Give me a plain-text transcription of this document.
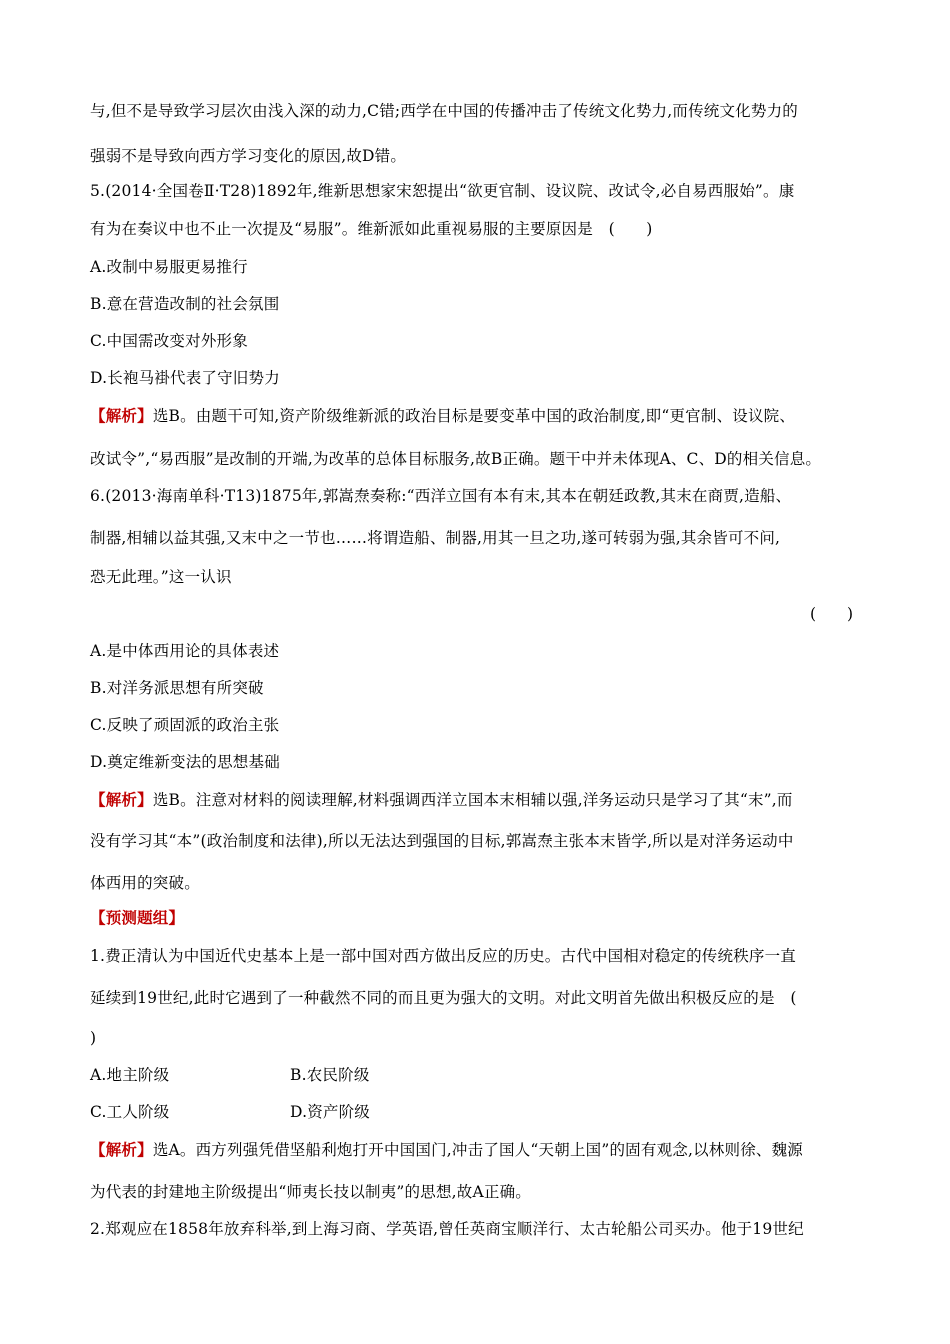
与,但不是导致学习层次由浅入深的动力,C错;西学在中国的传播冲击了传统文化势力,而传统文化势力的
强弱不是导致向西方学习变化的原因,故D错。
5.(2014·全国卷Ⅱ·T28)1892年,维新思想家宋恕提出“欲更官制、设议院、改试令,必自易西服始”。康
有为在奏议中也不止一次提及“易服”。维新派如此重视易服的主要原因是　(　　)
A.改制中易服更易推行
B.意在营造改制的社会氛围
C.中国需改变对外形象
D.长袍马褂代表了守旧势力
【解析】选B。由题干可知,资产阶级维新派的政治目标是要变革中国的政治制度,即“更官制、设议院、
改试令”,“易西服”是改制的开端,为改革的总体目标服务,故B正确。题干中并未体现A、C、D的相关信息。
6.(2013·海南单科·T13)1875年,郭嵩焘奏称:“西洋立国有本有末,其本在朝廷政教,其末在商贾,造船、
制器,相辅以益其强,又末中之一节也……将谓造船、制器,用其一旦之功,遂可转弱为强,其余皆可不问,
恐无此理。”这一认识
(　　)
A.是中体西用论的具体表述
B.对洋务派思想有所突破
C.反映了顽固派的政治主张
D.奠定维新变法的思想基础
【解析】选B。注意对材料的阅读理解,材料强调西洋立国本末相辅以强,洋务运动只是学习了其“末”,而
没有学习其“本”(政治制度和法律),所以无法达到强国的目标,郭嵩焘主张本末皆学,所以是对洋务运动中
体西用的突破。
【预测题组】
1.费正清认为中国近代史基本上是一部中国对西方做出反应的历史。古代中国相对稳定的传统秩序一直
延续到19世纪,此时它遇到了一种截然不同的而且更为强大的文明。对此文明首先做出积极反应的是　(
)
A.地主阶级	B.农民阶级
C.工人阶级	D.资产阶级
【解析】选A。西方列强凭借坚船利炮打开中国国门,冲击了国人“天朝上国”的固有观念,以林则徐、魏源
为代表的封建地主阶级提出“师夷长技以制夷”的思想,故A正确。
2.郑观应在1858年放弃科举,到上海习商、学英语,曾任英商宝顺洋行、太古轮船公司买办。他于19世纪
